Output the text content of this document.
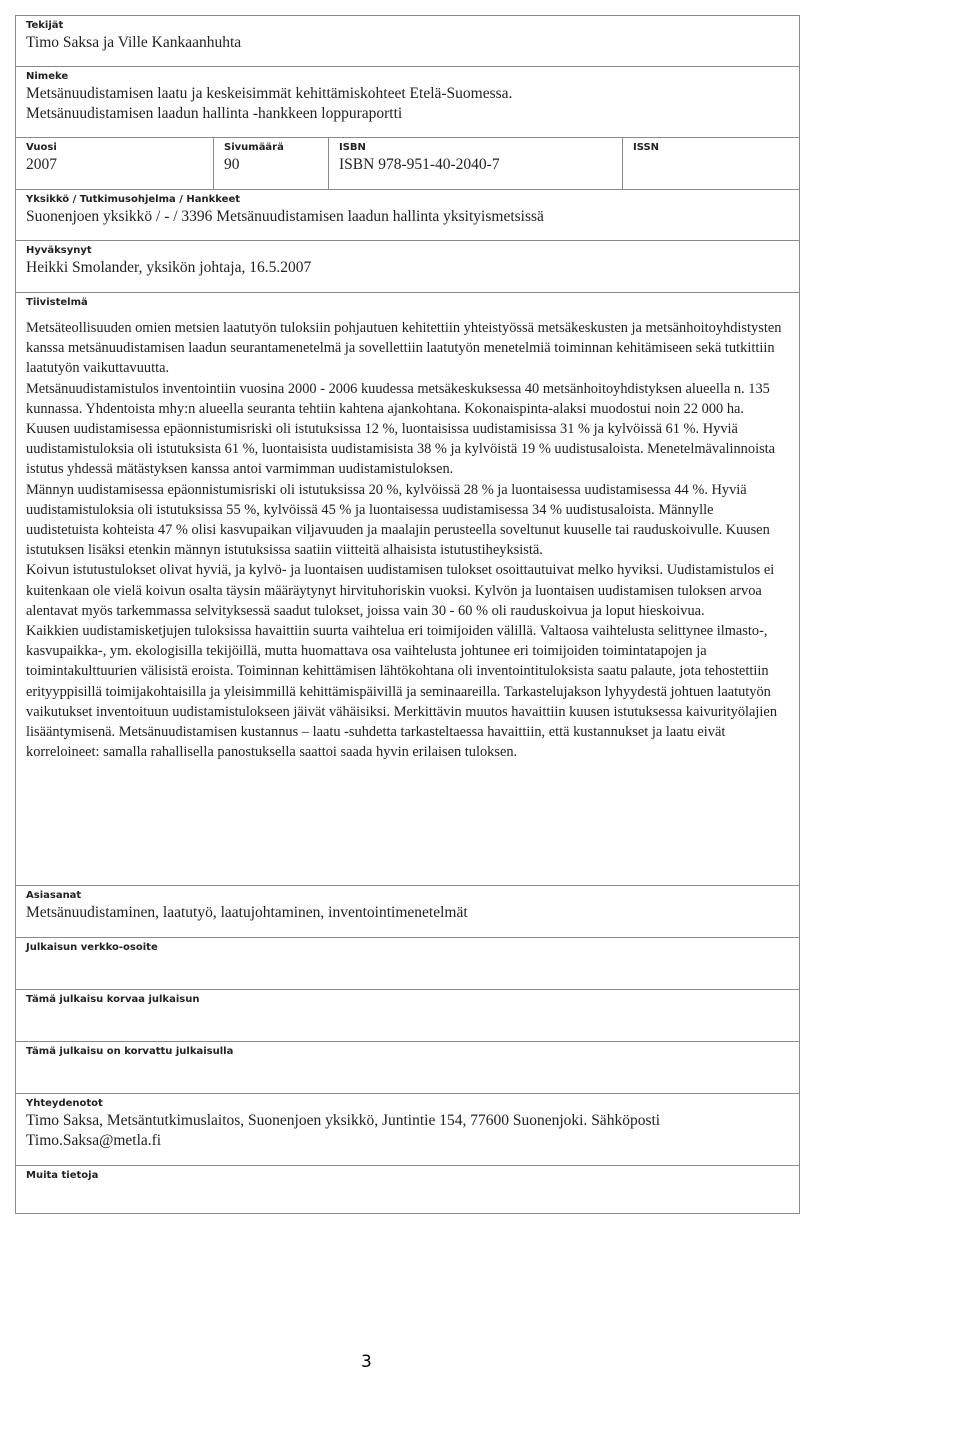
Tekijät
Timo Saksa ja Ville Kankaanhuhta
Nimeke
Metsänuudistamisen laatu ja keskeisimmät kehittämiskohteet Etelä-Suomessa. Metsänuudistamisen laadun hallinta -hankkeen loppuraportti
Vuosi
2007
Sivumäärä
90
ISBN
ISBN 978-951-40-2040-7
ISSN
Yksikkö / Tutkimusohjelma / Hankkeet
Suonenjoen yksikkö / - / 3396 Metsänuudistamisen laadun hallinta yksityismetsissä
Hyväksynyt
Heikki Smolander, yksikön johtaja, 16.5.2007
Tiivistelmä
Metsäteollisuuden omien metsien laatutyön tuloksiin pohjautuen kehitettiin yhteistyössä metsäkeskusten ja metsänhoitoyhdistysten kanssa metsänuudistamisen laadun seurantamenetelmä ja sovellettiin laatutyön menetelmiä toiminnan kehitämiseen sekä tutkittiin laatutyön vaikuttavuutta.
Metsänuudistamistulos inventointiin vuosina 2000 - 2006 kuudessa metsäkeskuksessa 40 metsänhoitoyhdistyksen alueella n. 135 kunnassa. Yhdentoista mhy:n alueella seuranta tehtiin kahtena ajankohtana. Kokonaispinta-alaksi muodostui noin 22 000 ha.
Kuusen uudistamisessa epäonnistumisriski oli istutuksissa 12 %, luontaisissa uudistamisissa 31 % ja kylvöissä 61 %. Hyviä uudistamistuloksia oli istutuksista 61 %, luontaisista uudistamisista 38 % ja kylvöistä 19 % uudistusaloista. Menetelmävalinnoista istutus yhdessä mätästyksen kanssa antoi varmimman uudistamistuloksen.
Männyn uudistamisessa epäonnistumisriski oli istutuksissa 20 %, kylvöissä 28 % ja luontaisessa uudistamisessa 44 %. Hyviä uudistamistuloksia oli istutuksissa 55 %, kylvöissä 45 % ja luontaisessa uudistamisessa 34 % uudistusaloista. Männylle uudistetuista kohteista 47 % olisi kasvupaikan viljavuuden ja maalajin perusteella soveltunut kuuselle tai rauduskoivulle. Kuusen istutuksen lisäksi etenkin männyn istutuksissa saatiin viitteitä alhaisista istutustiheyksistä.
Koivun istutustulokset olivat hyviä, ja kylvö- ja luontaisen uudistamisen tulokset osoittautuivat melko hyviksi. Uudistamistulos ei kuitenkaan ole vielä koivun osalta täysin määräytynyt hirvituhoriskin vuoksi. Kylvön ja luontaisen uudistamisen tuloksen arvoa alentavat myös tarkemmassa selvityksessä saadut tulokset, joissa vain 30 - 60 % oli rauduskoivua ja loput hieskoivua.
Kaikkien uudistamisketjujen tuloksissa havaittiin suurta vaihtelua eri toimijoiden välillä. Valtaosa vaihtelusta selittynee ilmasto-, kasvupaikka-, ym. ekologisilla tekijöillä, mutta huomattava osa vaihtelusta johtunee eri toimijoiden toimintatapojen ja toimintakulttuurien välisistä eroista. Toiminnan kehittämisen lähtökohtana oli inventointituloksista saatu palaute, jota tehostettiin erityyppisillä toimijakohtaisilla ja yleisimmillä kehittämispäivillä ja seminaareilla. Tarkastelujakson lyhyydestä johtuen laatutyön vaikutukset inventoituun uudistamistulokseen jäivät vähäisiksi. Merkittävin muutos havaittiin kuusen istutuksessa kaivurityölajien lisääntymisenä. Metsänuudistamisen kustannus – laatu -suhdetta tarkasteltaessa havaittiin, että kustannukset ja laatu eivät korreloineet: samalla rahallisella panostuksella saattoi saada hyvin erilaisen tuloksen.
Asiasanat
Metsänuudistaminen, laatutyö, laatujohtaminen, inventointimenetelmät
Julkaisun verkko-osoite
Tämä julkaisu korvaa julkaisun
Tämä julkaisu on korvattu julkaisulla
Yhteydenotot
Timo Saksa, Metsäntutkimuslaitos, Suonenjoen yksikkö, Juntintie 154, 77600 Suonenjoki. Sähköposti Timo.Saksa@metla.fi
Muita tietoja
3
